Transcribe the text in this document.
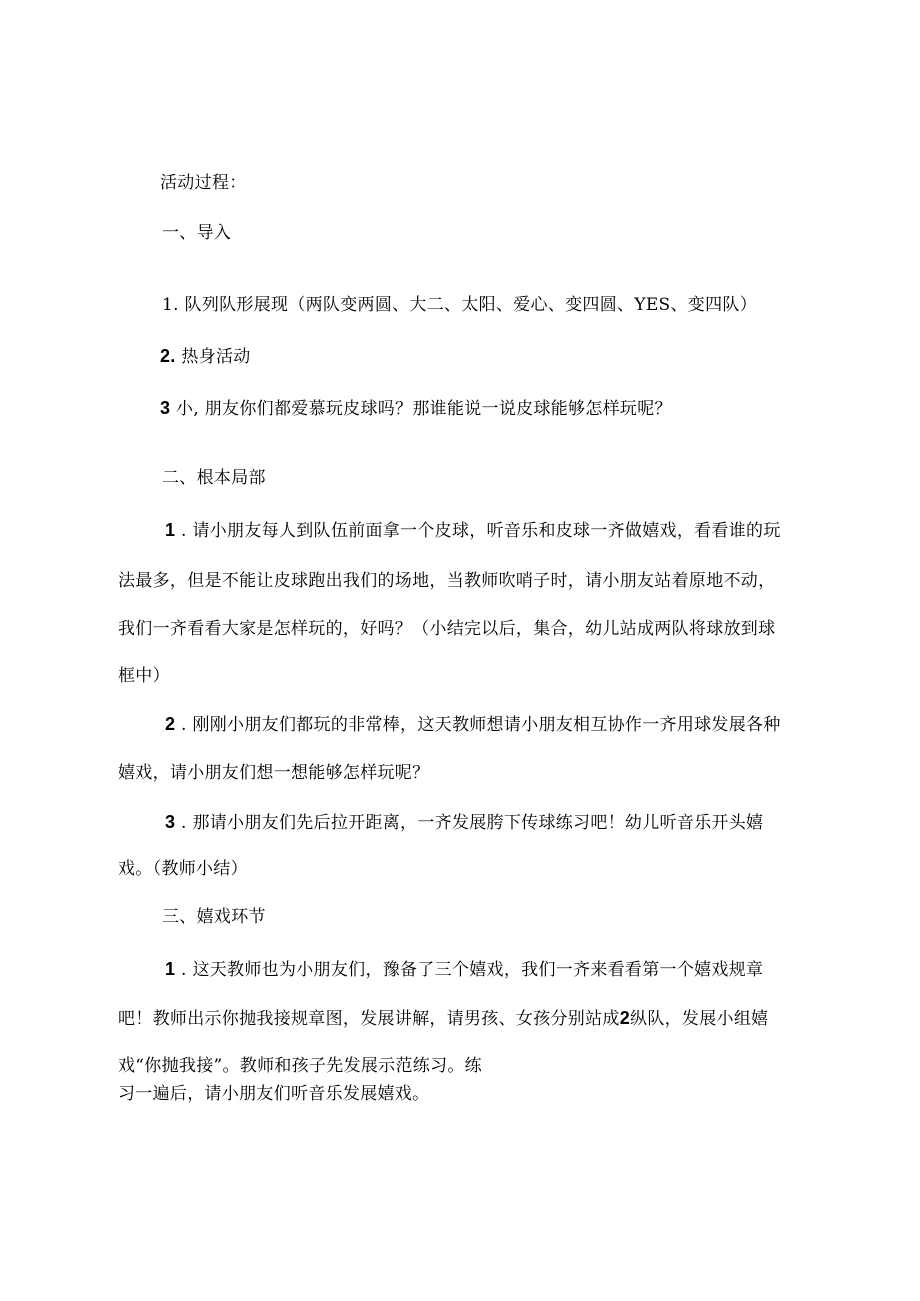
活动过程：
一、导入
1. 队列队形展现（两队变两圆、大二、太阳、爱心、变四圆、YES、变四队）
2. 热身活动
3 小, 朋友你们都爱慕玩皮球吗？那谁能说一说皮球能够怎样玩呢？
二、根本局部
1 . 请小朋友每人到队伍前面拿一个皮球，听音乐和皮球一齐做嬉戏，看看谁的玩
法最多，但是不能让皮球跑出我们的场地，当教师吹哨子时，请小朋友站着原地不动，
我们一齐看看大家是怎样玩的，好吗？（小结完以后，集合，幼儿站成两队将球放到球
框中）
2 . 刚刚小朋友们都玩的非常棒，这天教师想请小朋友相互协作一齐用球发展各种
嬉戏，请小朋友们想一想能够怎样玩呢？
3 . 那请小朋友们先后拉开距离，一齐发展胯下传球练习吧！幼儿听音乐开头嬉
戏。（教师小结）
三、嬉戏环节
1 . 这天教师也为小朋友们，豫备了三个嬉戏，我们一齐来看看第一个嬉戏规章
吧！教师出示你抛我接规章图，发展讲解，请男孩、女孩分别站成2纵队，发展小组嬉
戏“你抛我接”。教师和孩子先发展示范练习。练
习一遍后，请小朋友们听音乐发展嬉戏。
